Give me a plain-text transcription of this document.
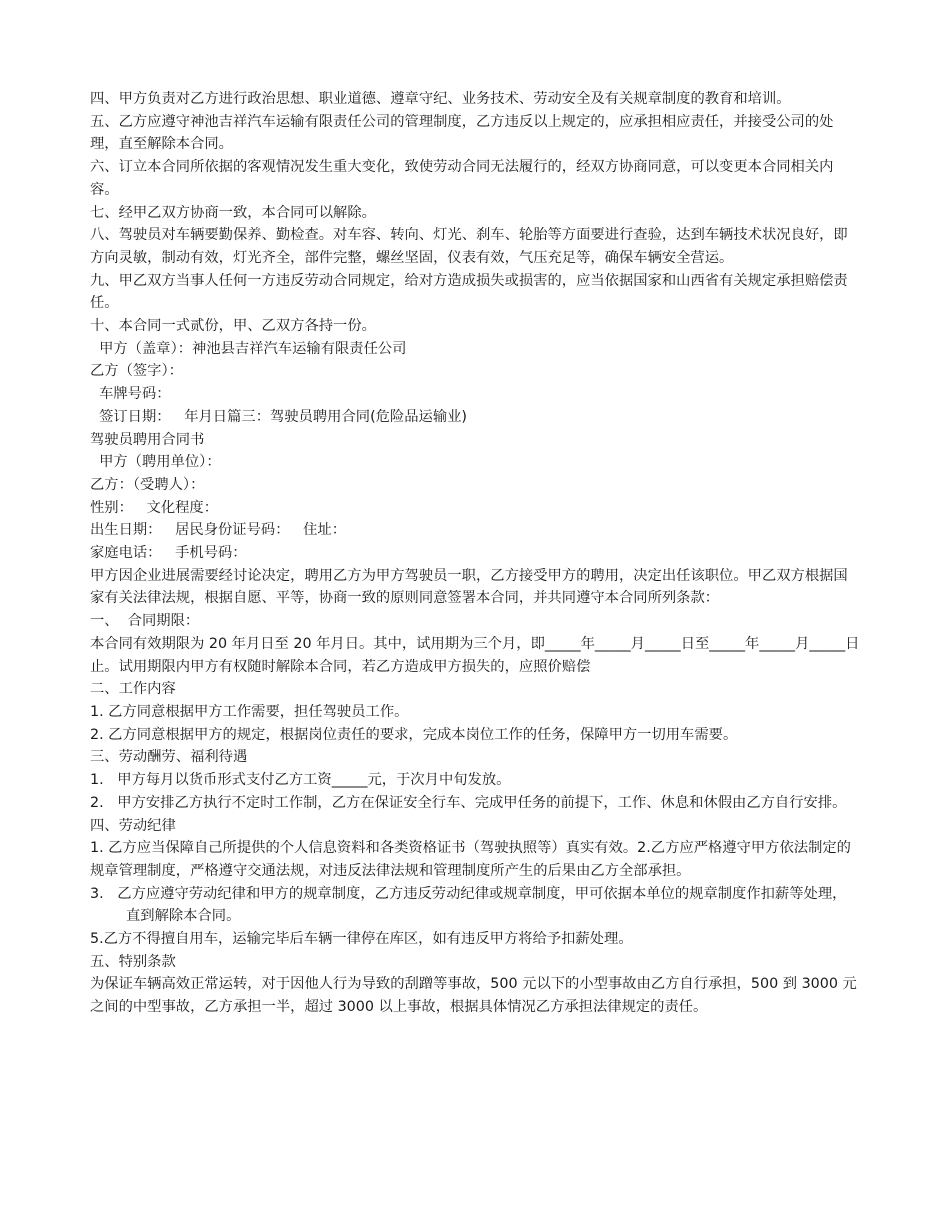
四、甲方负责对乙方进行政治思想、职业道德、遵章守纪、业务技术、劳动安全及有关规章制度的教育和培训。

五、乙方应遵守神池吉祥汽车运输有限责任公司的管理制度，乙方违反以上规定的，应承担相应责任，并接受公司的处理，直至解除本合同。

六、订立本合同所依据的客观情况发生重大变化，致使劳动合同无法履行的，经双方协商同意，可以变更本合同相关内容。

七、经甲乙双方协商一致，本合同可以解除。

八、驾驶员对车辆要勤保养、勤检查。对车容、转向、灯光、刹车、轮胎等方面要进行查验，达到车辆技术状况良好，即方向灵敏，制动有效，灯光齐全，部件完整，螺丝坚固，仪表有效，气压充足等，确保车辆安全营运。

九、甲乙双方当事人任何一方违反劳动合同规定，给对方造成损失或损害的，应当依据国家和山西省有关规定承担赔偿责任。

十、本合同一式贰份，甲、乙双方各持一份。

甲方（盖章）：神池县吉祥汽车运输有限责任公司

乙方（签字）：

车牌号码：

签订日期：   年月日篇三：驾驶员聘用合同(危险品运输业)

驾驶员聘用合同书

甲方（聘用单位）：

乙方：（受聘人）：

性别：   文化程度：

出生日期：   居民身份证号码：   住址：

家庭电话：   手机号码：

甲方因企业进展需要经讨论决定，聘用乙方为甲方驾驶员一职，乙方接受甲方的聘用，决定出任该职位。甲乙双方根据国家有关法律法规，根据自愿、平等，协商一致的原则同意签署本合同，并共同遵守本合同所列条款：

一、  合同期限：

本合同有效期限为 20 年月日至 20 年月日。其中，试用期为三个月，即_____年_____月_____日至_____年_____月_____日止。试用期限内甲方有权随时解除本合同，若乙方造成甲方损失的，应照价赔偿

二、工作内容

1. 乙方同意根据甲方工作需要，担任驾驶员工作。

2. 乙方同意根据甲方的规定，根据岗位责任的要求，完成本岗位工作的任务，保障甲方一切用车需要。

三、劳动酬劳、福利待遇

1.   甲方每月以货币形式支付乙方工资_____元，于次月中旬发放。

2.   甲方安排乙方执行不定时工作制，乙方在保证安全行车、完成甲任务的前提下，工作、休息和休假由乙方自行安排。

四、劳动纪律

1. 乙方应当保障自己所提供的个人信息资料和各类资格证书（驾驶执照等）真实有效。2.乙方应严格遵守甲方依法制定的规章管理制度，严格遵守交通法规，对违反法律法规和管理制度所产生的后果由乙方全部承担。

3.   乙方应遵守劳动纪律和甲方的规章制度，乙方违反劳动纪律或规章制度，甲可依据本单位的规章制度作扣薪等处理，直到解除本合同。

5.乙方不得擅自用车，运输完毕后车辆一律停在库区，如有违反甲方将给予扣薪处理。

五、特别条款

为保证车辆高效正常运转，对于因他人行为导致的刮蹭等事故，500 元以下的小型事故由乙方自行承担，500 到 3000 元之间的中型事故，乙方承担一半，超过 3000 以上事故，根据具体情况乙方承担法律规定的责任。
